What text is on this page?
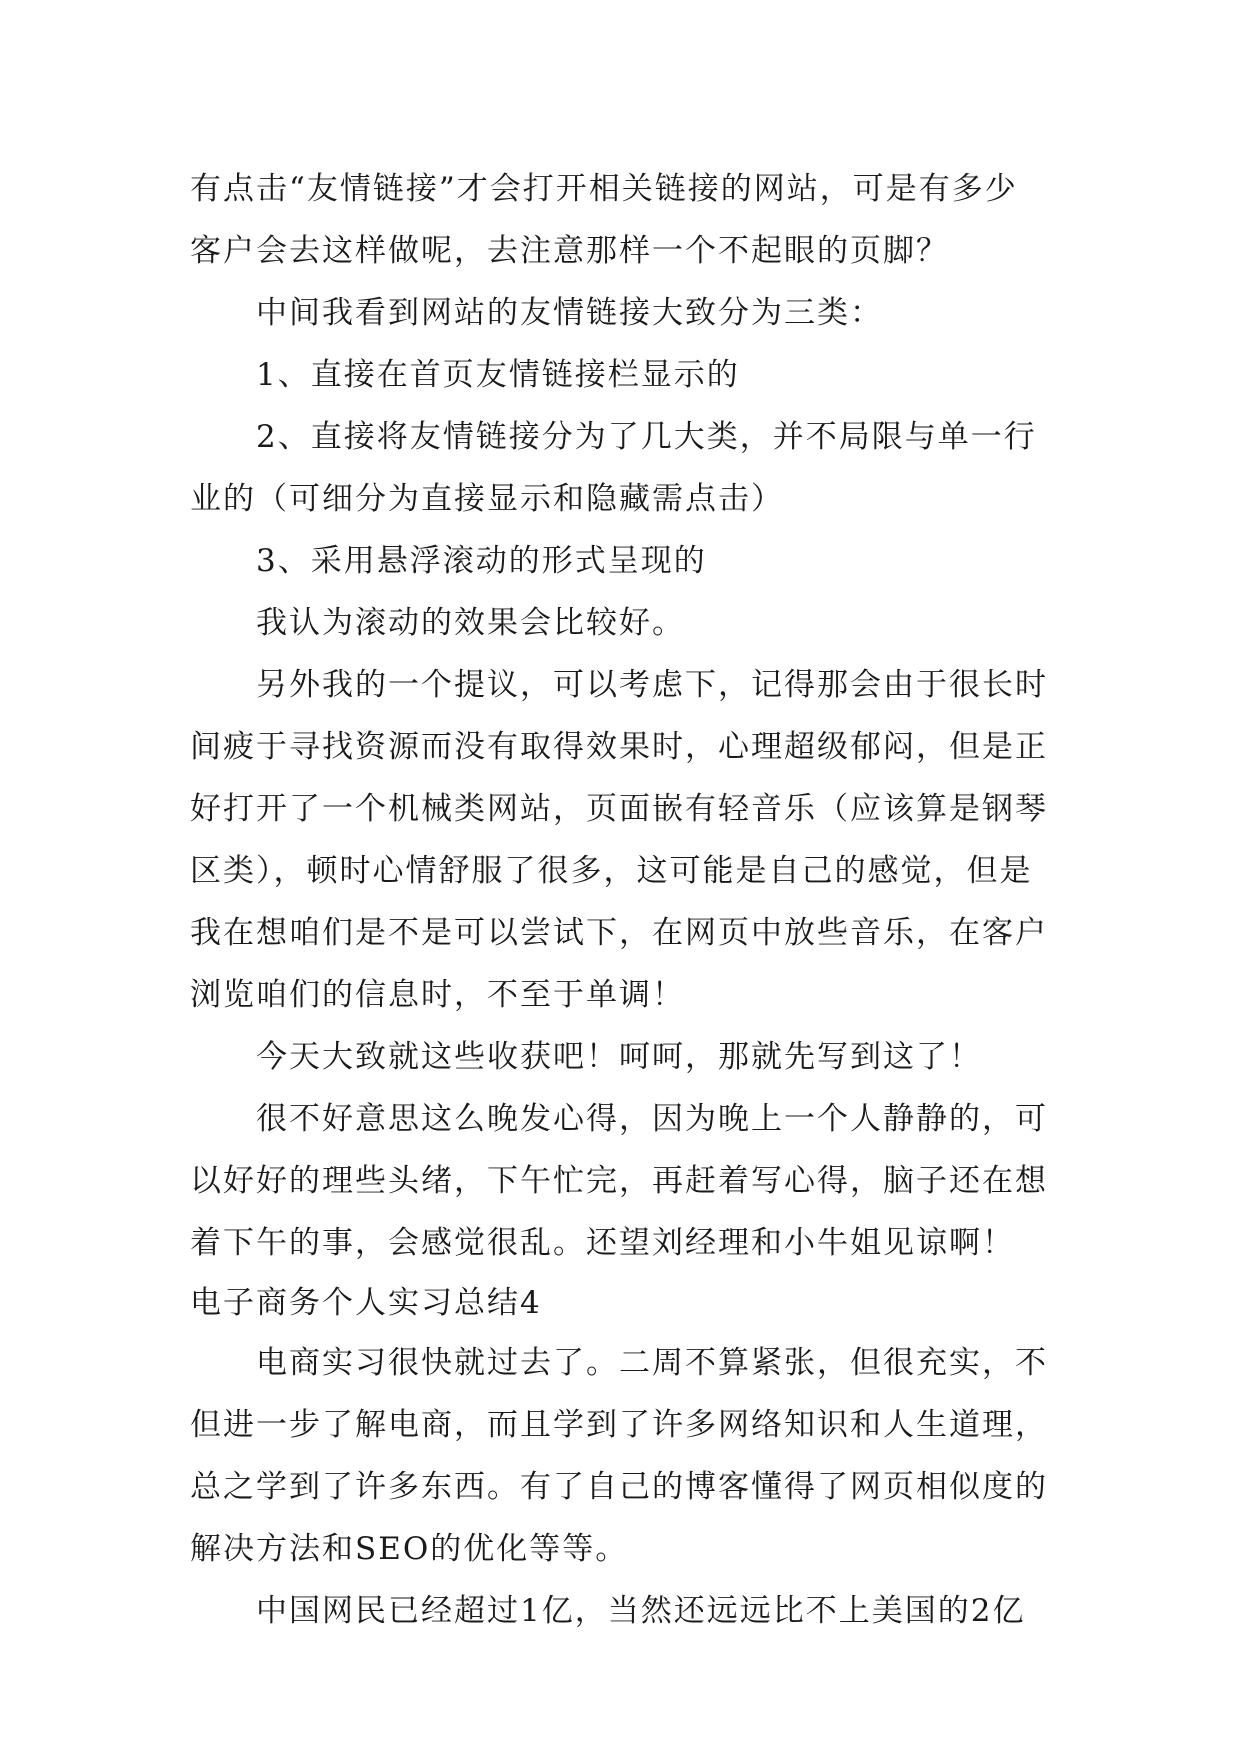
有点击“友情链接”才会打开相关链接的网站，可是有多少
客户会去这样做呢，去注意那样一个不起眼的页脚？
中间我看到网站的友情链接大致分为三类：
1、直接在首页友情链接栏显示的
2、直接将友情链接分为了几大类，并不局限与单一行
业的（可细分为直接显示和隐藏需点击）
3、采用悬浮滚动的形式呈现的
我认为滚动的效果会比较好。
另外我的一个提议，可以考虑下，记得那会由于很长时
间疲于寻找资源而没有取得效果时，心理超级郁闷，但是正
好打开了一个机械类网站，页面嵌有轻音乐（应该算是钢琴
区类），顿时心情舒服了很多，这可能是自己的感觉，但是
我在想咱们是不是可以尝试下，在网页中放些音乐，在客户
浏览咱们的信息时，不至于单调！
今天大致就这些收获吧！呵呵，那就先写到这了！
很不好意思这么晚发心得，因为晚上一个人静静的，可
以好好的理些头绪，下午忙完，再赶着写心得，脑子还在想
着下午的事，会感觉很乱。还望刘经理和小牛姐见谅啊！
电子商务个人实习总结4
电商实习很快就过去了。二周不算紧张，但很充实，不
但进一步了解电商，而且学到了许多网络知识和人生道理，
总之学到了许多东西。有了自己的博客懂得了网页相似度的
解决方法和SEO的优化等等。
中国网民已经超过1亿，当然还远远比不上美国的2亿
